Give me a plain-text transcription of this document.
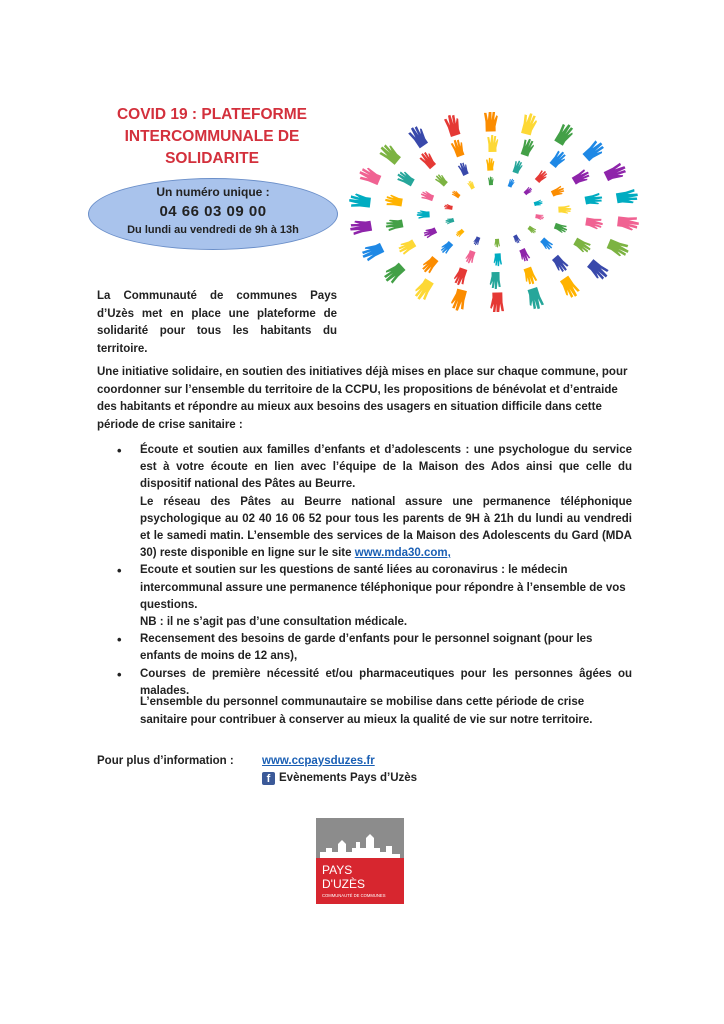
COVID 19 : PLATEFORME
INTERCOMMUNALE DE
SOLIDARITE
Un numéro unique :
04 66 03 09 00
Du lundi au vendredi de 9h à 13h
La Communauté de communes Pays d’Uzès met en place une plateforme de solidarité pour tous les habitants du territoire.
Une initiative solidaire, en soutien des initiatives déjà mises en place sur chaque commune, pour coordonner sur l’ensemble du territoire de la CCPU, les propositions de bénévolat et d’entraide des habitants et répondre au mieux aux besoins des usagers en situation difficile dans cette période de crise sanitaire :
• Écoute et soutien aux familles d’enfants et d’adolescents : une psychologue du service est à votre écoute en lien avec l’équipe de la Maison des Ados ainsi que celle du dispositif national des Pâtes au Beurre.
Le réseau des Pâtes au Beurre national assure une permanence téléphonique psychologique au 02 40 16 06 52 pour tous les parents de 9H à 21h du lundi au vendredi et le samedi matin. L’ensemble des services de la Maison des Adolescents du Gard (MDA 30) reste disponible en ligne sur le site www.mda30.com,
• Ecoute et soutien sur les questions de santé liées au coronavirus : le médecin intercommunal assure une permanence téléphonique pour répondre à l’ensemble de vos questions.
NB : il ne s’agit pas d’une consultation médicale.
• Recensement des besoins de garde d’enfants pour le personnel soignant (pour les enfants de moins de 12 ans),
• Courses de première nécessité et/ou pharmaceutiques pour les personnes âgées ou malades.
L’ensemble du personnel communautaire se mobilise dans cette période de crise sanitaire pour contribuer à conserver au mieux la qualité de vie sur notre territoire.
Pour plus d’information : www.ccpaysduzes.fr
f Evènements Pays d’Uzès
PAYS
D'UZÈS
COMMUNAUTÉ DE COMMUNES
